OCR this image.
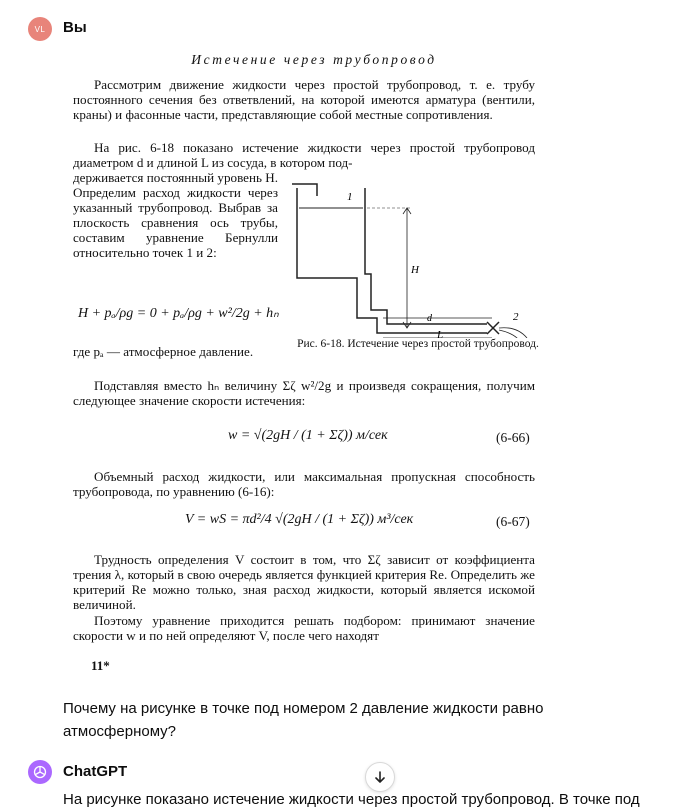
VL	Вы
Истечение через трубопровод
Рассмотрим движение жидкости через простой трубопровод, т. е. трубу постоянного сечения без ответвлений, на которой имеются арматура (вентили, краны) и фасонные части, представляющие собой местные сопротивления.
На рис. 6-18 показано истечение жидкости через простой трубопровод диаметром d и длиной L из сосуда, в котором под-
держивается постоянный уровень H. Определим расход жидкости через указанный трубопровод. Выбрав за плоскость сравнения ось трубы, составим уравнение Бернулли относительно точек 1 и 2:
H + pₐ/ρg = 0 + pₐ/ρg + w²/2g + hₙ
где pₐ — атмосферное давление.
1
2
H
d
L
Рис. 6-18. Истечение через простой трубопровод.
Подставляя вместо hₙ величину Σζ w²/2g и произведя сокращения, получим следующее значение скорости истечения:
w = √(2gH / (1 + Σζ)) м/сек	(6-66)
Объемный расход жидкости, или максимальная пропускная способность трубопровода, по уравнению (6-16):
V = wS = πd²/4 √(2gH / (1 + Σζ)) м³/сек	(6-67)
Трудность определения V состоит в том, что Σζ зависит от коэффициента трения λ, который в свою очередь является функцией критерия Re. Определить же критерий Re можно только, зная расход жидкости, который является искомой величиной.
Поэтому уравнение приходится решать подбором: принимают значение скорости w и по ней определяют V, после чего находят
11*
Почему на рисунке в точке под номером 2 давление жидкости равно атмосферному?
ChatGPT
На рисунке показано истечение жидкости через простой трубопровод. В точке под
